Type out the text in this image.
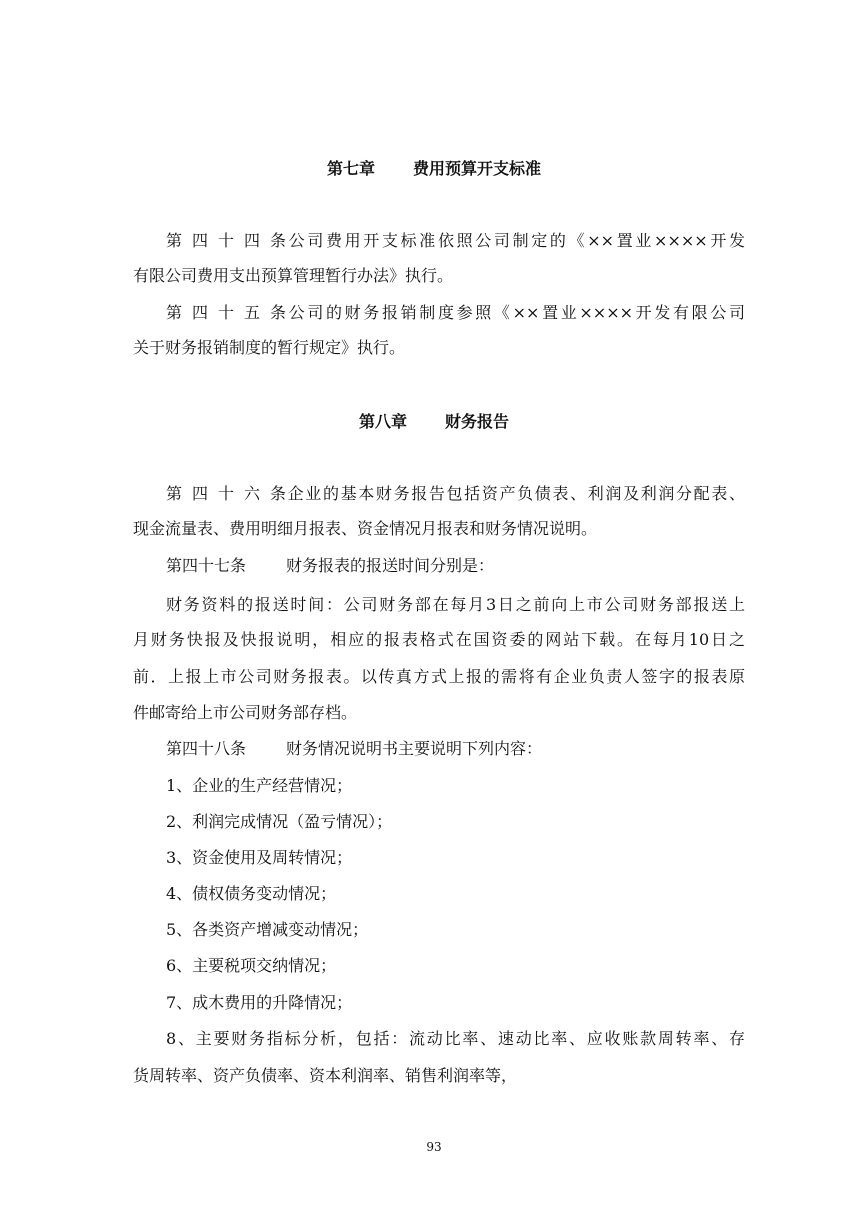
第七章 费用预算开支标准
第四十四条公司费用开支标准依照公司制定的《××置业××××开发
有限公司费用支出预算管理暂行办法》执行。
第四十五条公司的财务报销制度参照《××置业××××开发有限公司
关于财务报销制度的暂行规定》执行。
第八章 财务报告
第四十六条企业的基本财务报告包括资产负债表、利润及利润分配表、
现金流量表、费用明细月报表、资金情况月报表和财务情况说明。
第四十七条 财务报表的报送时间分别是：
财务资料的报送时间：公司财务部在每月3日之前向上市公司财务部报送上
月财务快报及快报说明，相应的报表格式在国资委的网站下载。在每月10日之
前．上报上市公司财务报表。以传真方式上报的需将有企业负责人签字的报表原
件邮寄给上市公司财务部存档。
第四十八条 财务情况说明书主要说明下列内容：
1、企业的生产经营情况；
2、利润完成情况（盈亏情况）；
3、资金使用及周转情况；
4、债权债务变动情况；
5、各类资产增减变动情况；
6、主要税项交纳情况；
7、成木费用的升降情况；
8、主要财务指标分析，包括：流动比率、速动比率、应收账款周转率、存
货周转率、资产负债率、资本利润率、销售利润率等，
93
